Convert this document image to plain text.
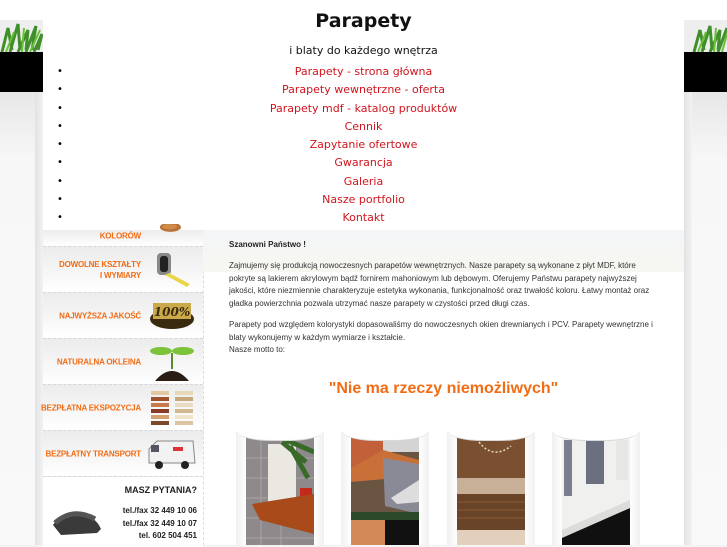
Parapety
i blaty do każdego wnętrza
•	Parapety - strona główna
•	Parapety wewnętrzne - oferta
•	Parapety mdf - katalog produktów
•	Cennik
•	Zapytanie ofertowe
•	Gwarancja
•	Galeria
•	Nasze portfolio
•	Kontakt
KOLORÓW
DOWOLNE KSZTAŁTY
I WYMIARY
NAJWYŻSZA JAKOŚĆ 100%
NATURALNA OKLEINA
BEZPŁATNA EKSPOZYCJA
BEZPŁATNY TRANSPORT
MASZ PYTANIA?
tel./fax 32 449 10 06
tel./fax 32 449 10 07
tel. 602 504 451
Szanowni Państwo !
Zajmujemy się produkcją nowoczesnych parapetów wewnętrznych. Nasze parapety są wykonane z płyt MDF, które pokryte są lakierem akrylowym bądź fornirem mahoniowym lub dębowym. Oferujemy Państwu parapety najwyższej jakości, które niezmiennie charakteryzuje estetyka wykonania, funkcjonalność oraz trwałość koloru. Łatwy montaż oraz gładka powierzchnia pozwala utrzymać nasze parapety w czystości przed długi czas.
Parapety pod względem kolorystyki dopasowaliśmy do nowoczesnych okien drewnianych i PCV. Parapety wewnętrzne i blaty wykonujemy w każdym wymiarze i kształcie.
Nasze motto to:
"Nie ma rzeczy niemożliwych"
